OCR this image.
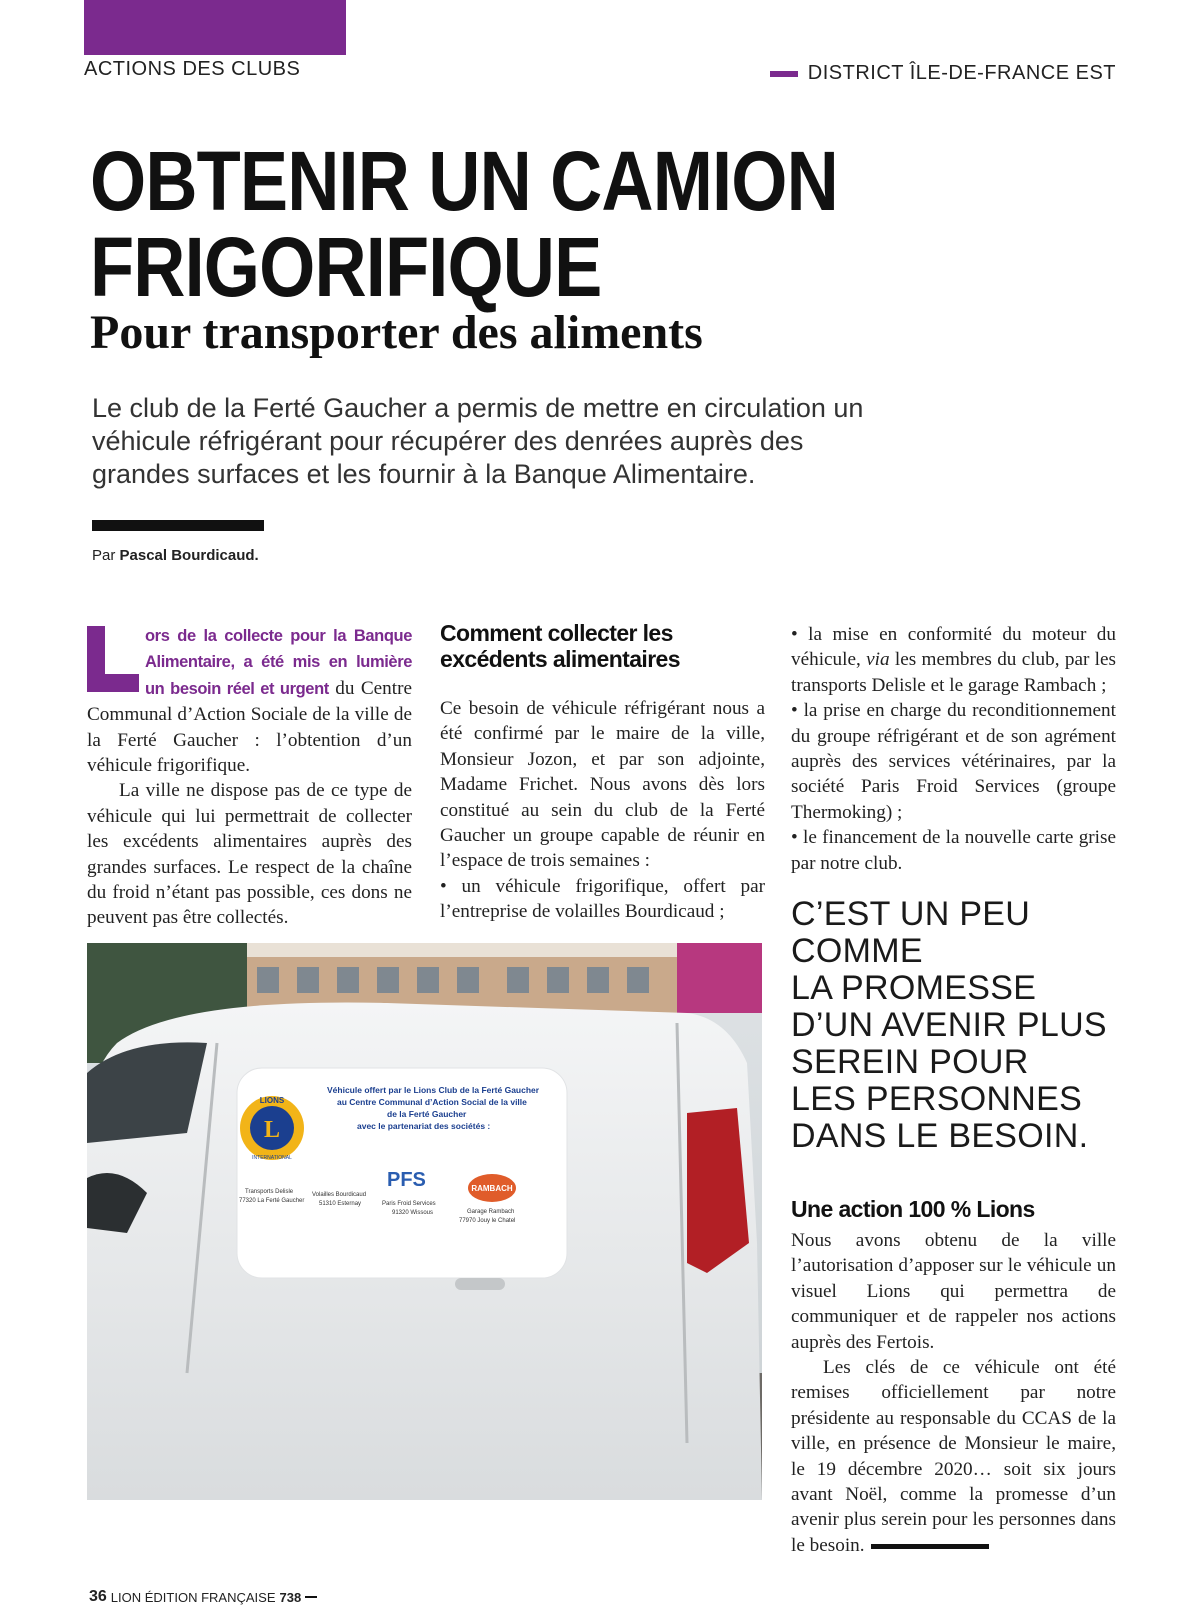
ACTIONS DES CLUBS	DISTRICT ÎLE-DE-FRANCE EST
OBTENIR UN CAMION
FRIGORIFIQUE
Pour transporter des aliments
Le club de la Ferté Gaucher a permis de mettre en circulation un véhicule réfrigérant pour récupérer des denrées auprès des grandes surfaces et les fournir à la Banque Alimentaire.
Par Pascal Bourdicaud.

ors de la collecte pour la Banque Alimentaire, a été mis en lumière un besoin réel et urgent du Centre Communal d’Action Sociale de la ville de la Ferté Gaucher : l’obtention d’un véhicule frigorifique.

La ville ne dispose pas de ce type de véhicule qui lui permettrait de collecter les excédents alimentaires auprès des grandes surfaces. Le respect de la chaîne du froid n’étant pas possible, ces dons ne peuvent pas être collectés.

Comment collecter les excédents alimentaires

Ce besoin de véhicule réfrigérant nous a été confirmé par le maire de la ville, Monsieur Jozon, et par son adjointe, Madame Frichet. Nous avons dès lors constitué au sein du club de la Ferté Gaucher un groupe capable de réunir en l’espace de trois semaines :

• un véhicule frigorifique, offert par l’entreprise de volailles Bourdicaud ;

• la mise en conformité du moteur du véhicule, via les membres du club, par les transports Delisle et le garage Rambach ;

• la prise en charge du reconditionnement du groupe réfrigérant et de son agrément auprès des services vétérinaires, par la société Paris Froid Services (groupe Thermoking) ;

• le financement de la nouvelle carte grise par notre club.

C’EST UN PEU
COMME
LA PROMESSE
D’UN AVENIR PLUS
SEREIN POUR
LES PERSONNES
DANS LE BESOIN.
Une action 100 % Lions

Nous avons obtenu de la ville l’autorisation d’apposer sur le véhicule un visuel Lions qui permettra de communiquer et de rappeler nos actions auprès des Fertois.

Les clés de ce véhicule ont été remises officiellement par notre présidente au responsable du CCAS de la ville, en présence de Monsieur le maire, le 19 décembre 2020… soit six jours avant Noël, comme la promesse d’un avenir plus serein pour les personnes dans le besoin.

L
LIONS
INTERNATIONAL
Véhicule offert par le Lions Club de la Ferté Gaucher
au Centre Communal d’Action Social de la ville
de la Ferté Gaucher
avec le partenariat des sociétés :
Transports Delisle
77320 La Ferté Gaucher
Volailles Bourdicaud
51310 Esternay	Paris Froid Services
91320 Wissous	Garage Rambach
77970 Jouy le Chatel
PFS	RAMBACH
36 LION ÉDITION FRANÇAISE 738
